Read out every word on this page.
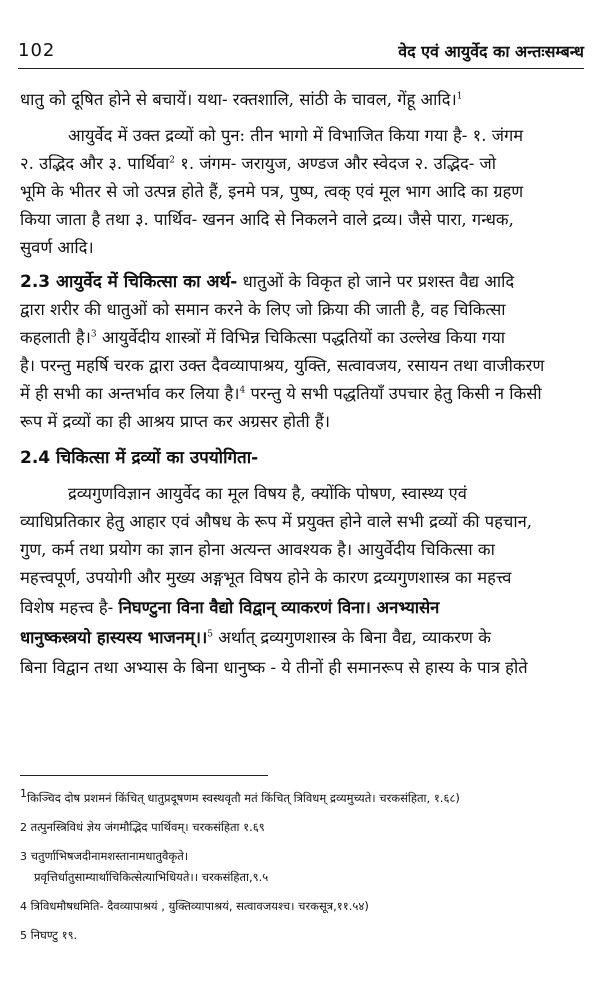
102	वेद एवं आयुर्वेद का अन्तःसम्बन्ध
धातु को दूषित होने से बचायें। यथा- रक्तशालि, सांठी के चावल, गेंहू आदि।$^1$
आयुर्वेद में उक्त द्रव्यों को पुन: तीन भागो में विभाजित किया गया है- १. जंगम
२. उद्भिद और ३. पार्थिवा$^2$ १. जंगम- जरायुज, अण्डज और स्वेदज २. उद्भिद- जो
भूमि के भीतर से जो उत्पन्न होते हैं, इनमे पत्र, पुष्प, त्वक् एवं मूल भाग आदि का ग्रहण
किया जाता है तथा ३. पार्थिव- खनन आदि से निकलने वाले द्रव्य। जैसे पारा, गन्धक,
सुवर्ण आदि।
2.3 आयुर्वेद में चिकित्सा का अर्थ- धातुओं के विकृत हो जाने पर प्रशस्त वैद्य आदि
द्वारा शरीर की धातुओं को समान करने के लिए जो क्रिया की जाती है, वह चिकित्सा
कहलाती है।$^3$ आयुर्वेदीय शास्त्रों में विभिन्न चिकित्सा पद्धतियों का उल्लेख किया गया
है। परन्तु महर्षि चरक द्वारा उक्त दैवव्यापाश्रय, युक्ति, सत्वावजय, रसायन तथा वाजीकरण
में ही सभी का अन्तर्भाव कर लिया है।$^4$ परन्तु ये सभी पद्धतियाँ उपचार हेतु किसी न किसी
रूप में द्रव्यों का ही आश्रय प्राप्त कर अग्रसर होती हैं।
2.4 चिकित्सा में द्रव्यों का उपयोगिता-
द्रव्यगुणविज्ञान आयुर्वेद का मूल विषय है, क्योंकि पोषण, स्वास्थ्य एवं
व्याधिप्रतिकार हेतु आहार एवं औषध के रूप में प्रयुक्त होने वाले सभी द्रव्यों की पहचान,
गुण, कर्म तथा प्रयोग का ज्ञान होना अत्यन्त आवश्यक है। आयुर्वेदीय चिकित्सा का
महत्त्वपूर्ण, उपयोगी और मुख्य अङ्गभूत विषय होने के कारण द्रव्यगुणशास्त्र का महत्त्व
विशेष महत्त्व है- निघण्टुना विना वैद्यो विद्वान् व्याकरणं विना। अनभ्यासेन
धानुष्कस्त्रयो हास्यस्य भाजनम्।।$^5$ अर्थात् द्रव्यगुणशास्त्र के बिना वैद्य, व्याकरण के
बिना विद्वान तथा अभ्यास के बिना धानुष्क - ये तीनों ही समानरूप से हास्य के पात्र होते
$^1$किञ्चिद दोष प्रशमनं किंचित् धातुप्रदूषणम स्वस्थवृतौ मतं किंचित् त्रिविधम् द्रव्यमुच्यते। चरकसंहिता, १.६८)
2 तत्पुनस्त्रिविधं ज्ञेय जंगमौद्भिद पार्थिवम्। चरकसंहिता १.६९
3 चतुर्णाभिषजदीनामशस्तानामधातुवैकृते।
प्रवृत्तिर्धातुसाम्यार्थाचिकित्सेत्याभिधियते।। चरकसंहिता,९.५
4 त्रिविधमौषधमिति- दैवव्यापाश्रयं , युक्तिव्यापाश्रयं, सत्वावजयश्च। चरकसूत्र,११.५४)
5 निघण्टु १९.
